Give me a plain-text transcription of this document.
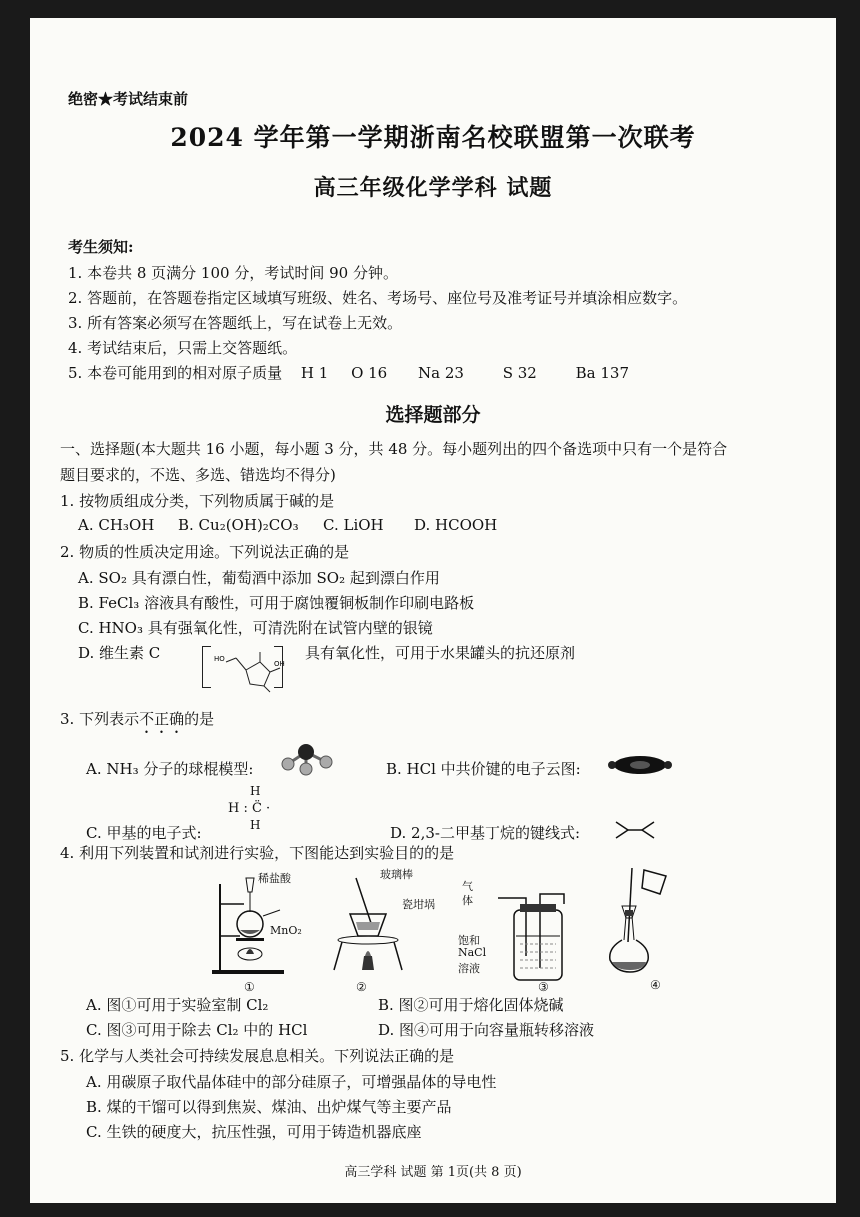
绝密★考试结束前
2024 学年第一学期浙南名校联盟第一次联考
高三年级化学学科 试题
考生须知:
1. 本卷共 8 页满分 100 分，考试时间 90 分钟。
2. 答题前，在答题卷指定区域填写班级、姓名、考场号、座位号及准考证号并填涂相应数字。
3. 所有答案必须写在答题纸上，写在试卷上无效。
4. 考试结束后，只需上交答题纸。
5. 本卷可能用到的相对原子质量 H 1 O 16 Na 23	S 32	Ba 137
选择题部分
一、选择题(本大题共 16 小题，每小题 3 分，共 48 分。每小题列出的四个备选项中只有一个是符合
题目要求的，不选、多选、错选均不得分)
1. 按物质组成分类，下列物质属于碱的是
A. CH₃OH B. Cu₂(OH)₂CO₃ C. LiOH D. HCOOH
2. 物质的性质决定用途。下列说法正确的是
A. SO₂ 具有漂白性，葡萄酒中添加 SO₂ 起到漂白作用
B. FeCl₃ 溶液具有酸性，可用于腐蚀覆铜板制作印刷电路板
C. HNO₃ 具有强氧化性，可清洗附在试管内壁的银镜
D. 维生素 C	HO
OH
具有氧化性，可用于水果罐头的抗还原剂
3. 下列表示不正确的是
A. NH₃ 分子的球棍模型:	B. HCl 中共价键的电子云图:
H
H : C̈ ·
H
C. 甲基的电子式:	D. 2,3-二甲基丁烷的键线式:
4. 利用下列装置和试剂进行实验，下图能达到实验目的的是
稀盐酸
MnO₂
①
玻璃棒
瓷坩埚
②
气
体
饱和
NaCl
溶液
③	④
A. 图①可用于实验室制 Cl₂	B. 图②可用于熔化固体烧碱
C. 图③可用于除去 Cl₂ 中的 HCl	D. 图④可用于向容量瓶转移溶液
5. 化学与人类社会可持续发展息息相关。下列说法正确的是
A. 用碳原子取代晶体硅中的部分硅原子，可增强晶体的导电性
B. 煤的干馏可以得到焦炭、煤油、出炉煤气等主要产品
C. 生铁的硬度大，抗压性强，可用于铸造机器底座
高三学科 试题 第 1页(共 8 页)
